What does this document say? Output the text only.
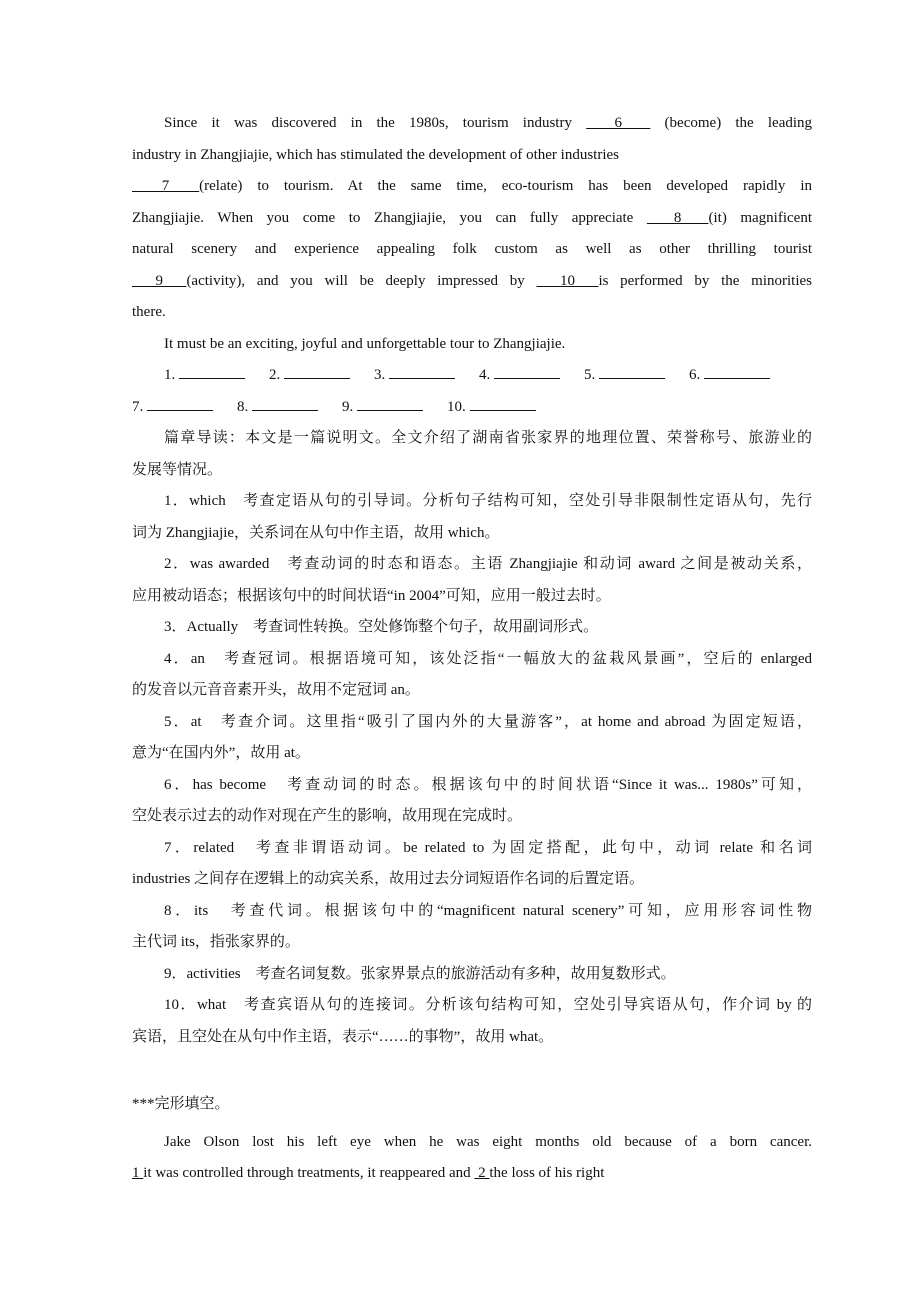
Since it was discovered in the 1980s, tourism industry   6   (become) the leading
industry in Zhangjiajie, which has stimulated the development of other industries
7  (relate) to tourism. At the same time, eco-tourism has been developed rapidly in
Zhangjiajie. When you come to Zhangjiajie, you can fully appreciate   8  (it) magnificent
natural scenery and experience appealing folk custom as well as other thrilling tourist
9  (activity), and you will be deeply impressed by   10  is performed by the minorities
there.
It must be an exciting, joyful and unforgettable tour to Zhangjiajie.
1.	2.	3.	4.	5.	6.
7.	8.	9.	10.
篇章导读：本文是一篇说明文。全文介绍了湖南省张家界的地理位置、荣誉称号、旅游业的
发展等情况。
1．which　考查定语从句的引导词。分析句子结构可知，空处引导非限制性定语从句，先行
词为 Zhangjiajie，关系词在从句中作主语，故用 which。
2．was awarded　考查动词的时态和语态。主语 Zhangjiajie 和动词 award 之间是被动关系，
应用被动语态；根据该句中的时间状语“in 2004”可知，应用一般过去时。
3．Actually　考查词性转换。空处修饰整个句子，故用副词形式。
4．an　考查冠词。根据语境可知，该处泛指“一幅放大的盆栽风景画”，空后的 enlarged
的发音以元音音素开头，故用不定冠词 an。
5．at　考查介词。这里指“吸引了国内外的大量游客”，at home and abroad 为固定短语，
意为“在国内外”，故用 at。
6．has become　考查动词的时态。根据该句中的时间状语“Since it was... 1980s”可知，
空处表示过去的动作对现在产生的影响，故用现在完成时。
7．related　考查非谓语动词。be related to 为固定搭配，此句中，动词 relate 和名词
industries 之间存在逻辑上的动宾关系，故用过去分词短语作名词的后置定语。
8．its　考查代词。根据该句中的“magnificent natural scenery”可知，应用形容词性物
主代词 its，指张家界的。
9．activities　考查名词复数。张家界景点的旅游活动有多种，故用复数形式。
10．what　考查宾语从句的连接词。分析该句结构可知，空处引导宾语从句，作介词 by 的
宾语，且空处在从句中作主语，表示“……的事物”，故用 what。
***完形填空。
Jake Olson lost his left eye when he was eight months old because of a born cancer.
1 it was controlled through treatments, it reappeared and  2 the loss of his right
